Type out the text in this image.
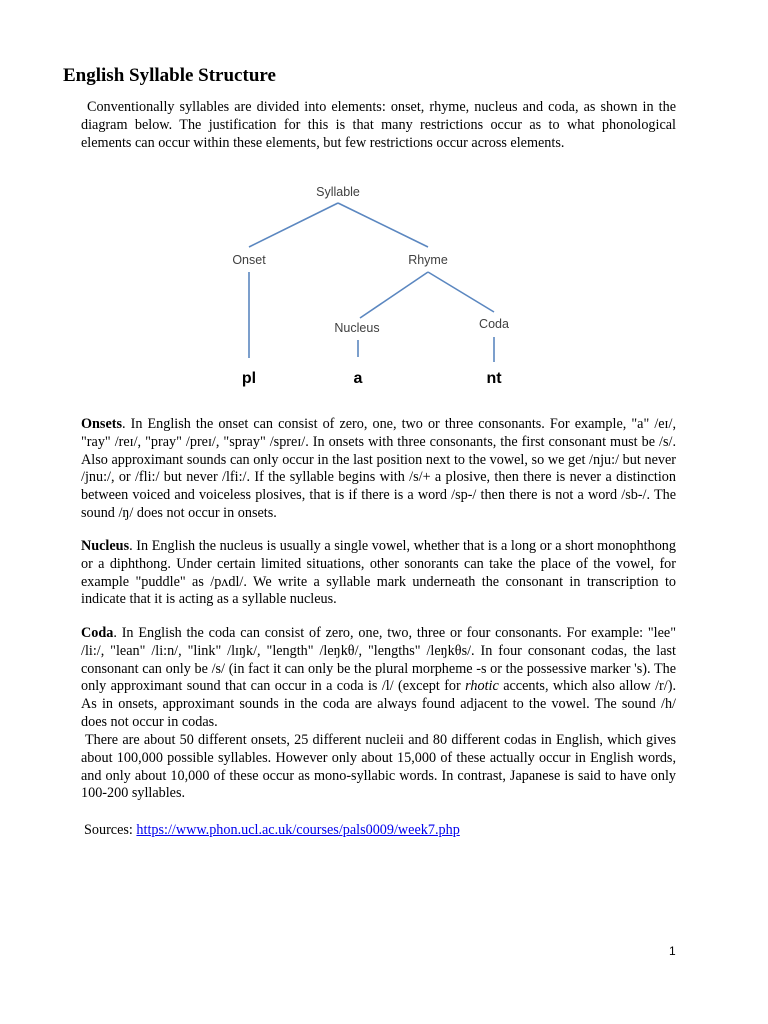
English Syllable Structure

Conventionally syllables are divided into elements: onset, rhyme, nucleus and coda, as shown in the diagram below. The justification for this is that many restrictions occur as to what phonological elements can occur within these elements, but few restrictions occur across elements.

Syllable
Onset	Rhyme
Nucleus	Coda
pl	a	nt

Onsets. In English the onset can consist of zero, one, two or three consonants. For example, "a" /eɪ/, "ray" /reɪ/, "pray" /preɪ/, "spray" /spreɪ/. In onsets with three consonants, the first consonant must be /s/. Also approximant sounds can only occur in the last position next to the vowel, so we get /nju:/ but never /jnu:/, or /fli:/ but never /lfi:/. If the syllable begins with /s/+ a plosive, then there is never a distinction between voiced and voiceless plosives, that is if there is a word /sp-/ then there is not a word /sb-/. The sound /ŋ/ does not occur in onsets.

Nucleus. In English the nucleus is usually a single vowel, whether that is a long or a short monophthong or a diphthong. Under certain limited situations, other sonorants can take the place of the vowel, for example "puddle" as /pʌdl/. We write a syllable mark underneath the consonant in transcription to indicate that it is acting as a syllable nucleus.

Coda. In English the coda can consist of zero, one, two, three or four consonants. For example: "lee" /li:/, "lean" /li:n/, "link" /lɪŋk/, "length" /leŋkθ/, "lengths" /leŋkθs/. In four consonant codas, the last consonant can only be /s/ (in fact it can only be the plural morpheme -s or the possessive marker 's). The only approximant sound that can occur in a coda is /l/ (except for rhotic accents, which also allow /r/). As in onsets, approximant sounds in the coda are always found adjacent to the vowel. The sound /h/ does not occur in codas.

There are about 50 different onsets, 25 different nucleii and 80 different codas in English, which gives about 100,000 possible syllables. However only about 15,000 of these actually occur in English words, and only about 10,000 of these occur as mono-syllabic words. In contrast, Japanese is said to have only 100-200 syllables.

Sources: https://www.phon.ucl.ac.uk/courses/pals0009/week7.php

1
